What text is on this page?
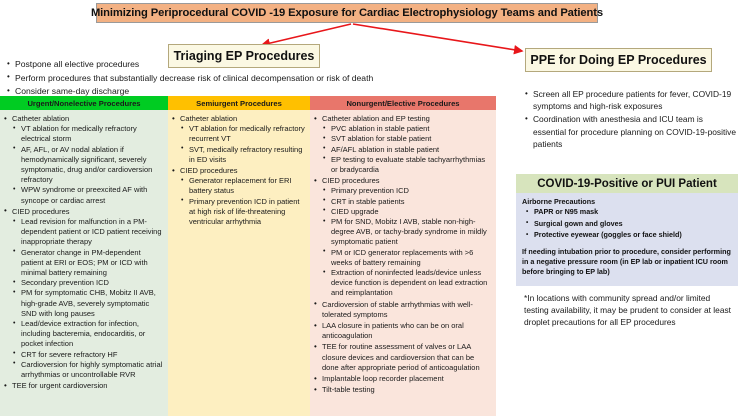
Minimizing Periprocedural COVID -19 Exposure for Cardiac Electrophysiology Teams and Patients
Triaging EP Procedures	PPE for Doing EP Procedures
• Postpone all elective procedures
• Perform procedures that substantially decrease risk of clinical decompensation or risk of death
• Consider same-day discharge
Urgent/Nonelective Procedures
• Catheter ablation
• VT ablation for medically refractory electrical storm
• AF, AFL, or AV nodal ablation if hemodynamically significant, severely symptomatic, drug and/or cardioversion refractory
• WPW syndrome or preexcited AF with syncope or cardiac arrest
• CIED procedures
• Lead revision for malfunction in a PM-dependent patient or ICD patient receiving inappropriate therapy
• Generator change in PM-dependent patient at ERI or EOS; PM or ICD with minimal battery remaining
• Secondary prevention ICD
• PM for symptomatic CHB, Mobitz II AVB, high-grade AVB, severely symptomatic SND with long pauses
• Lead/device extraction for infection, including bacteremia, endocarditis, or pocket infection
• CRT for severe refractory HF
• Cardioversion for highly symptomatic atrial arrhythmias or uncontrollable RVR
• TEE for urgent cardioversion
Semiurgent Procedures
• Catheter ablation
• VT ablation for medically refractory recurrent VT
• SVT, medically refractory resulting in ED visits
• CIED procedures
• Generator replacement for ERI battery status
• Primary prevention ICD in patient at high risk of life-threatening ventricular arrhythmia
Nonurgent/Elective Procedures
• Catheter ablation and EP testing
• PVC ablation in stable patient
• SVT ablation for stable patient
• AF/AFL ablation in stable patient
• EP testing to evaluate stable tachyarrhythmias or bradycardia
• CIED procedures
• Primary prevention ICD
• CRT in stable patients
• CIED upgrade
• PM for SND, Mobitz I AVB, stable non-high-degree AVB, or tachy-brady syndrome in mildly symptomatic patient
• PM or ICD generator replacements with >6 weeks of battery remaining
• Extraction of noninfected leads/device unless device function is dependent on lead extraction and reimplantation
• Cardioversion of stable arrhythmias with well-tolerated symptoms
• LAA closure in patients who can be on oral anticoagulation
• TEE for routine assessment of valves or LAA closure devices and cardioversion that can be done after appropriate period of anticoagulation
• Implantable loop recorder placement
• Tilt-table testing
• Screen all EP procedure patients for fever, COVID-19 symptoms and high-risk exposures
• Coordination with anesthesia and ICU team is essential for procedure planning on COVID-19-positive patients
COVID-19-Positive or PUI Patient
Airborne Precautions
• PAPR or N95 mask
• Surgical gown and gloves
• Protective eyewear (goggles or face shield)
If needing intubation prior to procedure, consider performing in a negative pressure room (in EP lab or inpatient ICU room before bringing to EP lab)
*In locations with community spread and/or limited testing availability, it may be prudent to consider at least droplet precautions for all EP procedures
